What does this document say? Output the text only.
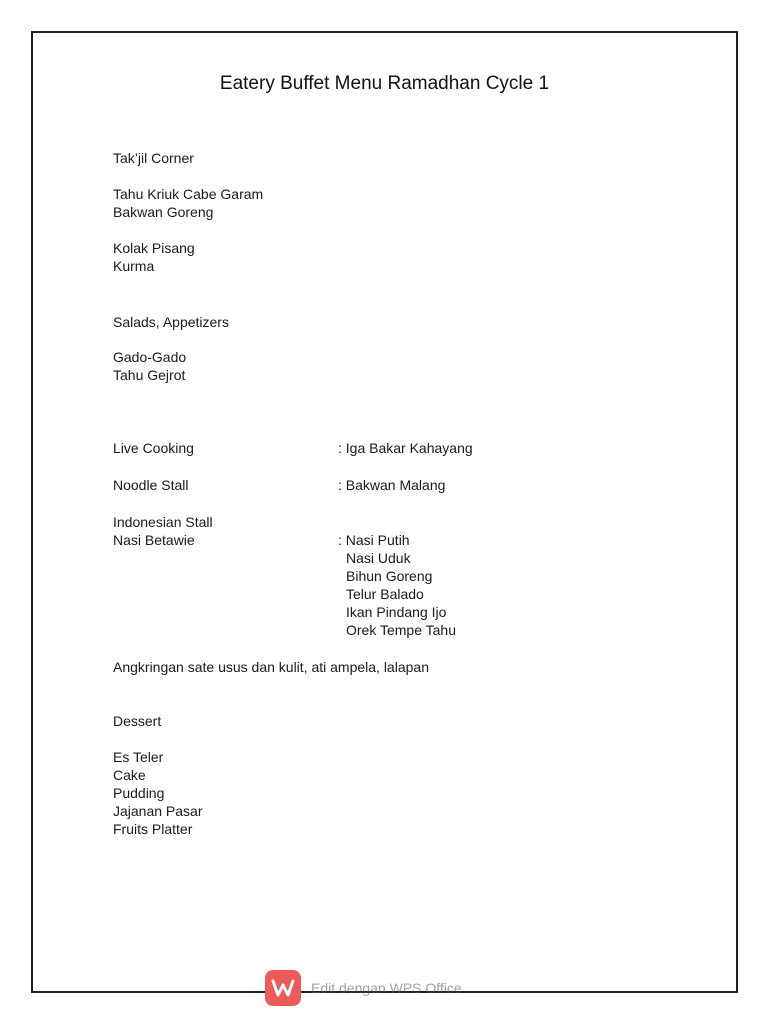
Eatery Buffet Menu Ramadhan Cycle 1
Tak’jil Corner
Tahu Kriuk Cabe Garam
Bakwan Goreng
Kolak Pisang
Kurma
Salads, Appetizers
Gado-Gado
Tahu Gejrot
Live Cooking	: Iga Bakar Kahayang
Noodle Stall	: Bakwan Malang
Indonesian Stall
Nasi Betawie	: Nasi Putih
Nasi Uduk
Bihun Goreng
Telur Balado
Ikan Pindang Ijo
Orek Tempe Tahu
Angkringan sate usus dan kulit, ati ampela, lalapan
Dessert
Es Teler
Cake
Pudding
Jajanan Pasar
Fruits Platter
Edit dengan WPS Office
